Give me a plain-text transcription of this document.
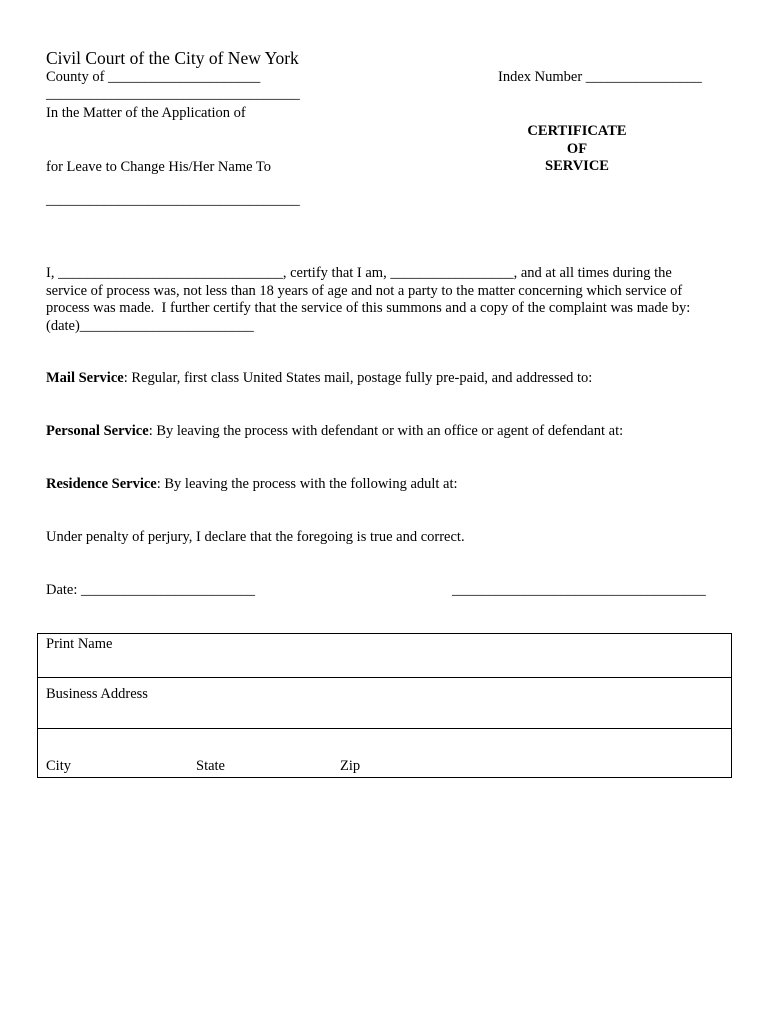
Civil Court of the City of New York
County of _____________________	Index Number ________________
___________________________________
In the Matter of the Application of
CERTIFICATE
OF
SERVICE
for Leave to Change His/Her Name To
___________________________________
I, _______________________________, certify that I am, _________________, and at all times during the
service of process was, not less than 18 years of age and not a party to the matter concerning which service of
process was made.  I further certify that the service of this summons and a copy of the complaint was made by:
(date)________________________
Mail Service: Regular, first class United States mail, postage fully pre-paid, and addressed to:
Personal Service: By leaving the process with defendant or with an office or agent of defendant at:
Residence Service: By leaving the process with the following adult at:
Under penalty of perjury, I declare that the foregoing is true and correct.
Date: ________________________	___________________________________
Print Name
Business Address
City	State	Zip
